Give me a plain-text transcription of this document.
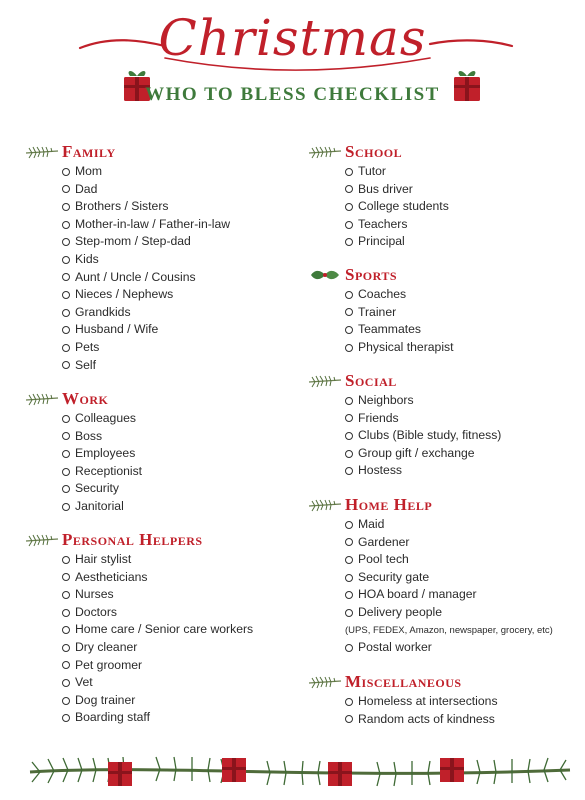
Christmas
WHO TO BLESS CHECKLIST
Family
Mom
Dad
Brothers / Sisters
Mother-in-law / Father-in-law
Step-mom / Step-dad
Kids
Aunt / Uncle / Cousins
Nieces / Nephews
Grandkids
Husband / Wife
Pets
Self
Work
Colleagues
Boss
Employees
Receptionist
Security
Janitorial
Personal Helpers
Hair stylist
Aestheticians
Nurses
Doctors
Home care / Senior care workers
Dry cleaner
Pet groomer
Vet
Dog trainer
Boarding staff
School
Tutor
Bus driver
College students
Teachers
Principal
Sports
Coaches
Trainer
Teammates
Physical therapist
Social
Neighbors
Friends
Clubs (Bible study, fitness)
Group gift / exchange
Hostess
Home Help
Maid
Gardener
Pool tech
Security gate
HOA board / manager
Delivery people
(UPS, FEDEX, Amazon, newspaper, grocery, etc)
Postal worker
Miscellaneous
Homeless at intersections
Random acts of kindness
